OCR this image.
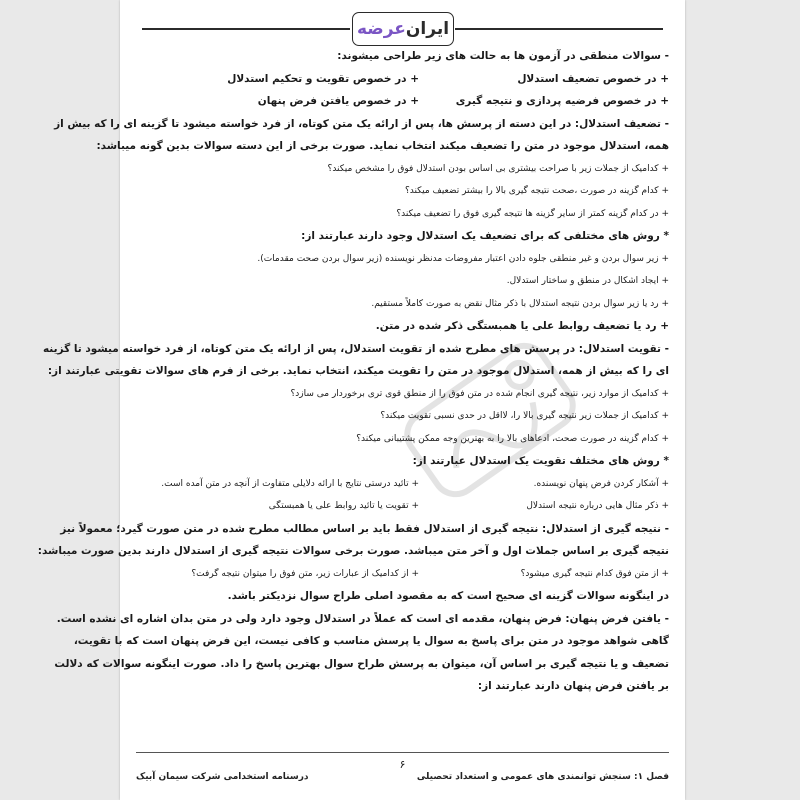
ایران
عرضه
- سوالات منطقی در آزمون ها به حالت های زیر طراحی میشوند:
+ در خصوص تضعیف استدلال
+ در خصوص تقویت و تحکیم استدلال
+ در خصوص فرضیه پردازی و نتیجه گیری
+ در خصوص یافتن فرض پنهان
- تضعیف استدلال: در این دسته از پرسش ها، پس از ارائه یک متن کوتاه، از فرد خواسته میشود تا گزینه ای را که بیش از
همه، استدلال موجود در متن را تضعیف میکند انتخاب نماید. صورت برخی از این دسته سوالات بدین گونه میباشد:
+ کدامیک از جملات زیر با صراحت بیشتری بی اساس بودن استدلال فوق را مشخص میکند؟
+ کدام گزینه در صورت ،صحت نتیجه گیری بالا را بیشتر تضعیف میکند؟
+ در کدام گزینه کمتر از سایر گزینه ها نتیجه گیری فوق را تضعیف میکند؟
* روش های مختلفی که برای تضعیف یک استدلال وجود دارند عبارتند از:
+ زیر سوال بردن و غیر منطقی جلوه دادن اعتبار مفروضات مدنظر نویسنده (زیر سوال بردن صحت مقدمات).
+ ایجاد اشکال در منطق و ساختار استدلال.
+ رد یا زیر سوال بردن نتیجه استدلال با ذکر مثال نقض به صورت کاملاً مستقیم.
+ رد یا تضعیف روابط علی یا همبستگی ذکر شده در متن.
- تقویت استدلال: در پرسش های مطرح شده از تقویت استدلال، پس از ارائه یک متن کوتاه، از فرد خواسته میشود تا گزینه
ای را که بیش از همه، استدلال موجود در متن را تقویت میکند، انتخاب نماید. برخی از فرم های سوالات تقویتی عبارتند از:
+ کدامیک از موارد زیر، نتیجه گیری انجام شده در متن فوق را از منطق قوی تری برخوردار می سازد؟
+ کدامیک از جملات زیر نتیجه گیری بالا را، لااقل در حدی نسبی تقویت میکند؟
+ کدام گزینه در صورت صحت، ادعاهای بالا را به بهترین وجه ممکن پشتیبانی میکند؟
* روش های مختلف تقویت یک استدلال عبارتند از:
+ آشکار کردن فرض پنهان نویسنده.
+ تائید درستی نتایج با ارائه دلایلی متفاوت از آنچه در متن آمده است.
+ ذکر مثال هایی درباره نتیجه استدلال
+ تقویت یا تائید روابط علی یا همبستگی
- نتیجه گیری از استدلال: نتیجه گیری از استدلال فقط باید بر اساس مطالب مطرح شده در متن صورت گیرد؛ معمولاً نیز
نتیجه گیری بر اساس جملات اول و آخر متن میباشد. صورت برخی سوالات نتیجه گیری از استدلال دارند بدین صورت میباشد:
+ از متن فوق کدام نتیجه گیری میشود؟
+ از کدامیک از عبارات زیر، متن فوق را میتوان نتیجه گرفت؟
در اینگونه سوالات گزینه ای صحیح است که به مقصود اصلی طراح سوال نزدیکتر باشد.
- یافتن فرض پنهان: فرض پنهان، مقدمه ای است که عملاً در استدلال وجود دارد ولی در متن بدان اشاره ای نشده است.
گاهی شواهد موجود در متن برای پاسخ به سوال یا پرسش مناسب و کافی نیست، این فرض پنهان است که با تقویت،
تضعیف و یا نتیجه گیری بر اساس آن، میتوان به پرسش طراح سوال بهترین پاسخ را داد. صورت اینگونه سوالات که دلالت
بر یافتن فرض پنهان دارند عبارتند از:
۶
فصل ۱: سنجش توانمندی های عمومی و استعداد تحصیلی
درسنامه استخدامی شرکت سیمان آبیک
